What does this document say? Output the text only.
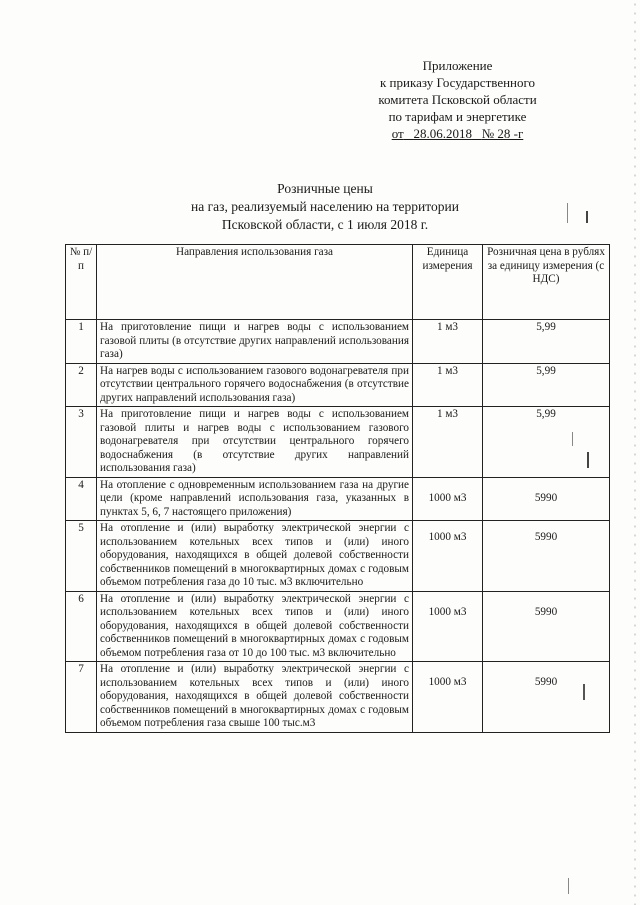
Приложение
к приказу Государственного
комитета Псковской области
по тарифам и энергетике
от 28.06.2018 № 28 -г
Розничные цены
на газ, реализуемый населению на территории
Псковской области, с 1 июля 2018 г.
№ п/п	Направления использования газа	Единица измерения	Розничная цена в рублях за единицу измерения (с НДС)
1	На приготовление пищи и нагрев воды с использованием газовой плиты (в отсутствие других направлений использования газа)	1 м3	5,99
2	На нагрев воды с использованием газового водонагревателя при отсутствии центрального горячего водоснабжения (в отсутствие других направлений использования газа)	1 м3	5,99
3	На приготовление пищи и нагрев воды с использованием газовой плиты и нагрев воды с использованием газового водонагревателя при отсутствии центрального горячего водоснабжения (в отсутствие других направлений использования газа)	1 м3	5,99
4	На отопление с одновременным использованием газа на другие цели (кроме направлений использования газа, указанных в пунктах 5, 6, 7 настоящего приложения)	1000 м3	5990
5	На отопление и (или) выработку электрической энергии с использованием котельных всех типов и (или) иного оборудования, находящихся в общей долевой собственности собственников помещений в многоквартирных домах с годовым объемом потребления газа до 10 тыс. м3 включительно	1000 м3	5990
6	На отопление и (или) выработку электрической энергии с использованием котельных всех типов и (или) иного оборудования, находящихся в общей долевой собственности собственников помещений в многоквартирных домах с годовым объемом потребления газа от 10 до 100 тыс. м3 включительно	1000 м3	5990
7	На отопление и (или) выработку электрической энергии с использованием котельных всех типов и (или) иного оборудования, находящихся в общей долевой собственности собственников помещений в многоквартирных домах с годовым объемом потребления газа свыше 100 тыс.м3	1000 м3	5990
